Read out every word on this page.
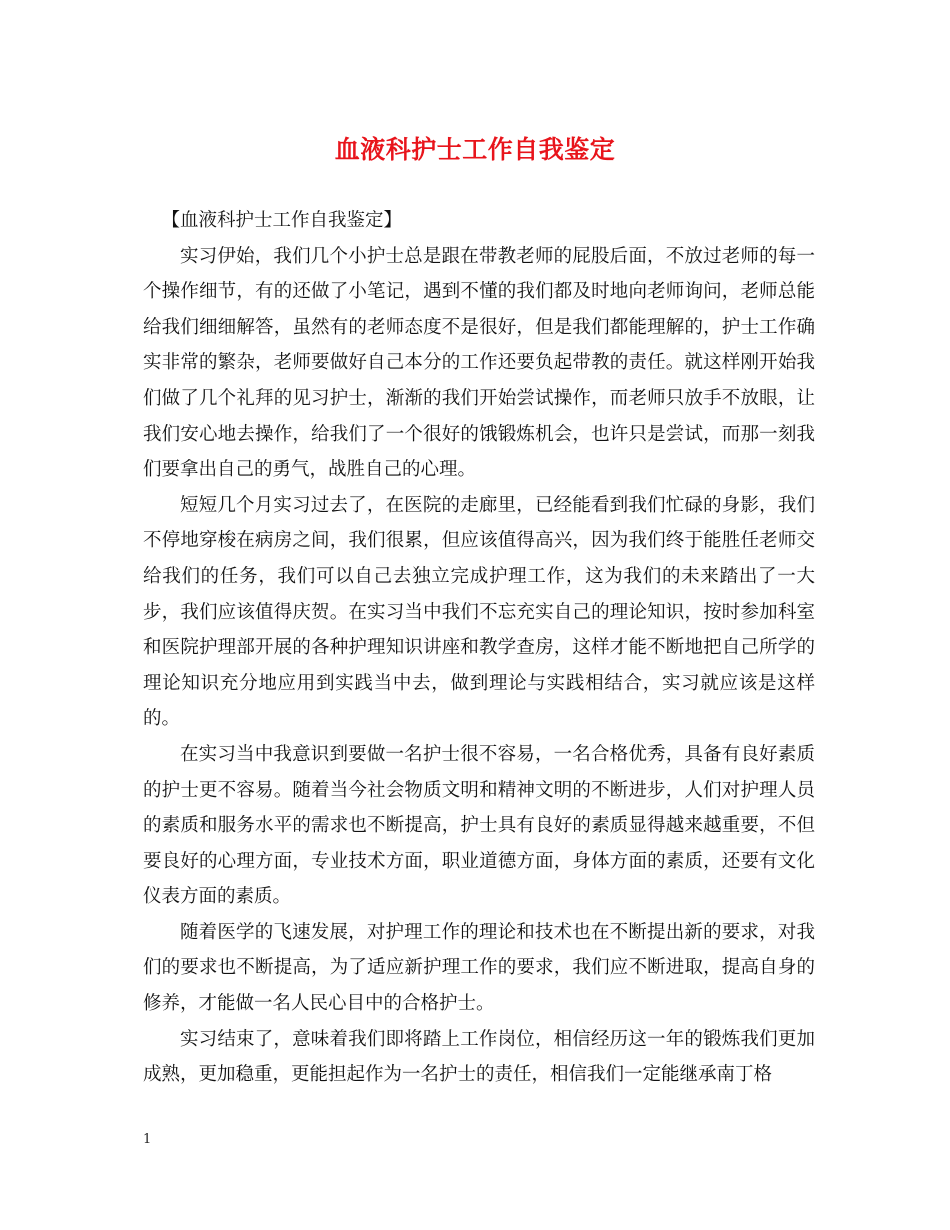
血液科护士工作自我鉴定

【血液科护士工作自我鉴定】

实习伊始，我们几个小护士总是跟在带教老师的屁股后面，不放过老师的每一个操作细节，有的还做了小笔记，遇到不懂的我们都及时地向老师询问，老师总能给我们细细解答，虽然有的老师态度不是很好，但是我们都能理解的，护士工作确实非常的繁杂，老师要做好自己本分的工作还要负起带教的责任。就这样刚开始我们做了几个礼拜的见习护士，渐渐的我们开始尝试操作，而老师只放手不放眼，让我们安心地去操作，给我们了一个很好的饿锻炼机会，也许只是尝试，而那一刻我们要拿出自己的勇气，战胜自己的心理。

短短几个月实习过去了，在医院的走廊里，已经能看到我们忙碌的身影，我们不停地穿梭在病房之间，我们很累，但应该值得高兴，因为我们终于能胜任老师交给我们的任务，我们可以自己去独立完成护理工作，这为我们的未来踏出了一大步，我们应该值得庆贺。在实习当中我们不忘充实自己的理论知识，按时参加科室和医院护理部开展的各种护理知识讲座和教学查房，这样才能不断地把自己所学的理论知识充分地应用到实践当中去，做到理论与实践相结合，实习就应该是这样的。

在实习当中我意识到要做一名护士很不容易，一名合格优秀，具备有良好素质的护士更不容易。随着当今社会物质文明和精神文明的不断进步，人们对护理人员的素质和服务水平的需求也不断提高，护士具有良好的素质显得越来越重要，不但要良好的心理方面，专业技术方面，职业道德方面，身体方面的素质，还要有文化仪表方面的素质。

随着医学的飞速发展，对护理工作的理论和技术也在不断提出新的要求，对我们的要求也不断提高，为了适应新护理工作的要求，我们应不断进取，提高自身的修养，才能做一名人民心目中的合格护士。

实习结束了，意味着我们即将踏上工作岗位，相信经历这一年的锻炼我们更加成熟，更加稳重，更能担起作为一名护士的责任，相信我们一定能继承南丁格

1
